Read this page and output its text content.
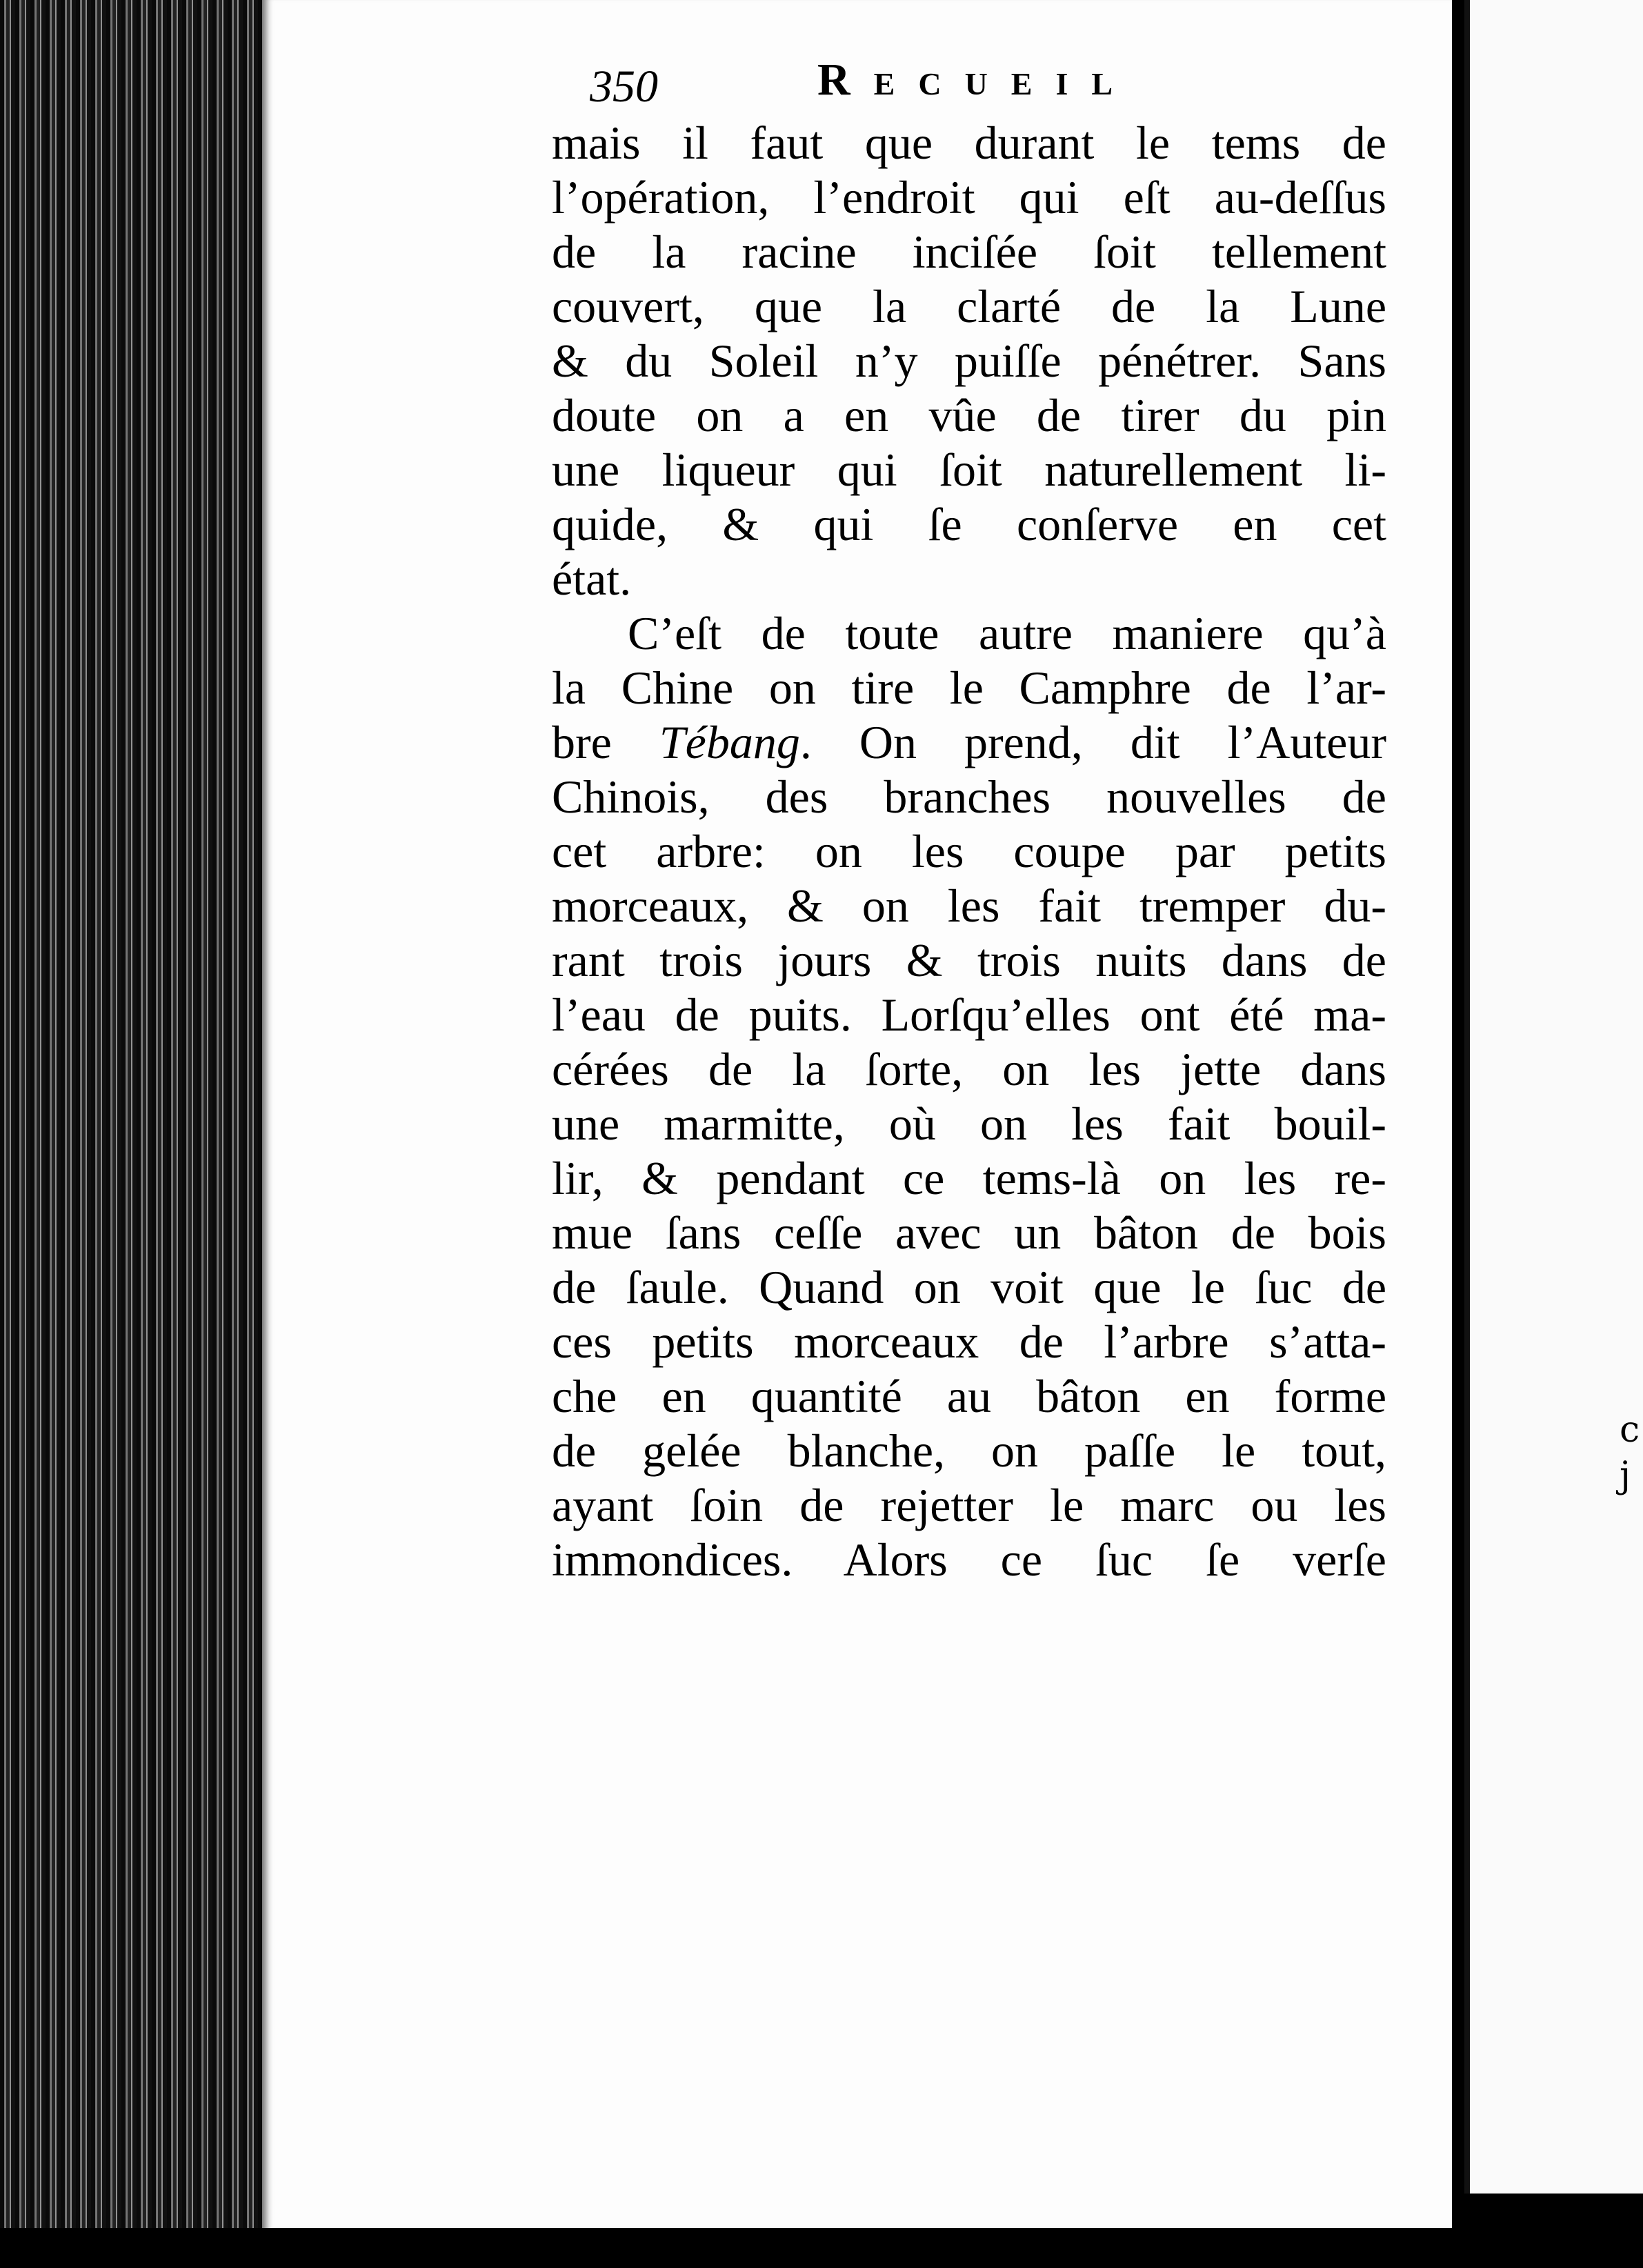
c
j
350	Recueil
mais il faut que durant le tems de
l’opération, l’endroit qui eſt au-deſſus
de la racine inciſée ſoit tellement
couvert, que la clarté de la Lune
& du Soleil n’y puiſſe pénétrer. Sans
doute on a en vûe de tirer du pin
une liqueur qui ſoit naturellement li-
quide, & qui ſe conſerve en cet
état.
C’eſt de toute autre maniere qu’à
la Chine on tire le Camphre de l’ar-
bre Tébang. On prend, dit l’Auteur
Chinois, des branches nouvelles de
cet arbre: on les coupe par petits
morceaux, & on les fait tremper du-
rant trois jours & trois nuits dans de
l’eau de puits. Lorſqu’elles ont été ma-
cérées de la ſorte, on les jette dans
une marmitte, où on les fait bouil-
lir, & pendant ce tems-là on les re-
mue ſans ceſſe avec un bâton de bois
de ſaule. Quand on voit que le ſuc de
ces petits morceaux de l’arbre s’atta-
che en quantité au bâton en forme
de gelée blanche, on paſſe le tout,
ayant ſoin de rejetter le marc ou les
immondices. Alors ce ſuc ſe verſe
